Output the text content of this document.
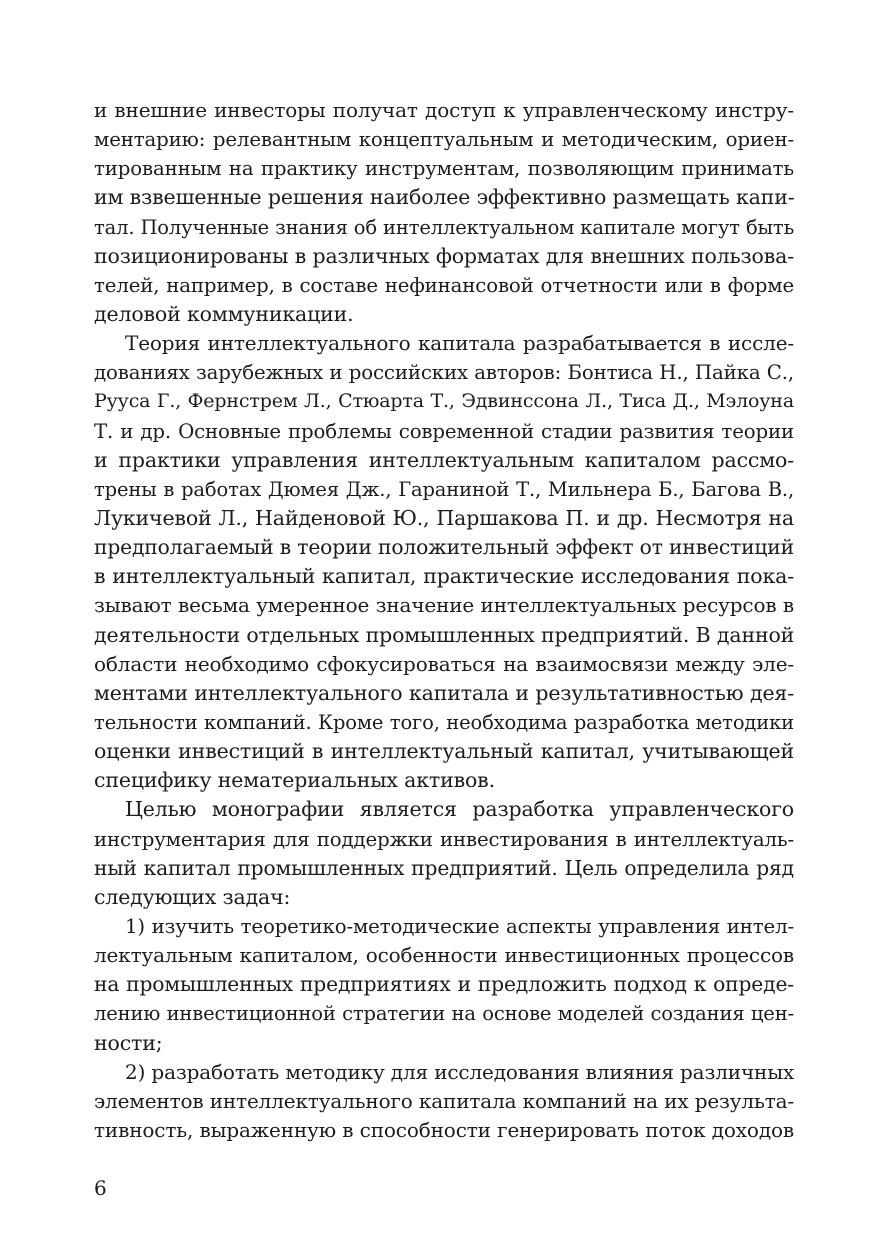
и внешние инвесторы получат доступ к управленческому инстру-
ментарию: релевантным концептуальным и методическим, ориен-
тированным на практику инструментам, позволяющим принимать
им взвешенные решения наиболее эффективно размещать капи-
тал. Полученные знания об интеллектуальном капитале могут быть
позиционированы в различных форматах для внешних пользова-
телей, например, в составе нефинансовой отчетности или в форме
деловой коммуникации.
Теория интеллектуального капитала разрабатывается в иссле-
дованиях зарубежных и российских авторов: Бонтиса Н., Пайка С.,
Рууса Г., Фернстрем Л., Стюарта Т., Эдвинссона Л., Тиса Д., Мэлоуна
Т. и др. Основные проблемы современной стадии развития теории
и практики управления интеллектуальным капиталом рассмо-
трены в работах Дюмея Дж., Гараниной Т., Мильнера Б., Багова В.,
Лукичевой Л., Найденовой Ю., Паршакова П. и др. Несмотря на
предполагаемый в теории положительный эффект от инвестиций
в интеллектуальный капитал, практические исследования пока-
зывают весьма умеренное значение интеллектуальных ресурсов в
деятельности отдельных промышленных предприятий. В данной
области необходимо сфокусироваться на взаимосвязи между эле-
ментами интеллектуального капитала и результативностью дея-
тельности компаний. Кроме того, необходима разработка методики
оценки инвестиций в интеллектуальный капитал, учитывающей
специфику нематериальных активов.
Целью монографии является разработка управленческого
инструментария для поддержки инвестирования в интеллектуаль-
ный капитал промышленных предприятий. Цель определила ряд
следующих задач:
1) изучить теоретико-методические аспекты управления интел-
лектуальным капиталом, особенности инвестиционных процессов
на промышленных предприятиях и предложить подход к опреде-
лению инвестиционной стратегии на основе моделей создания цен-
ности;
2) разработать методику для исследования влияния различных
элементов интеллектуального капитала компаний на их результа-
тивность, выраженную в способности генерировать поток доходов
6
